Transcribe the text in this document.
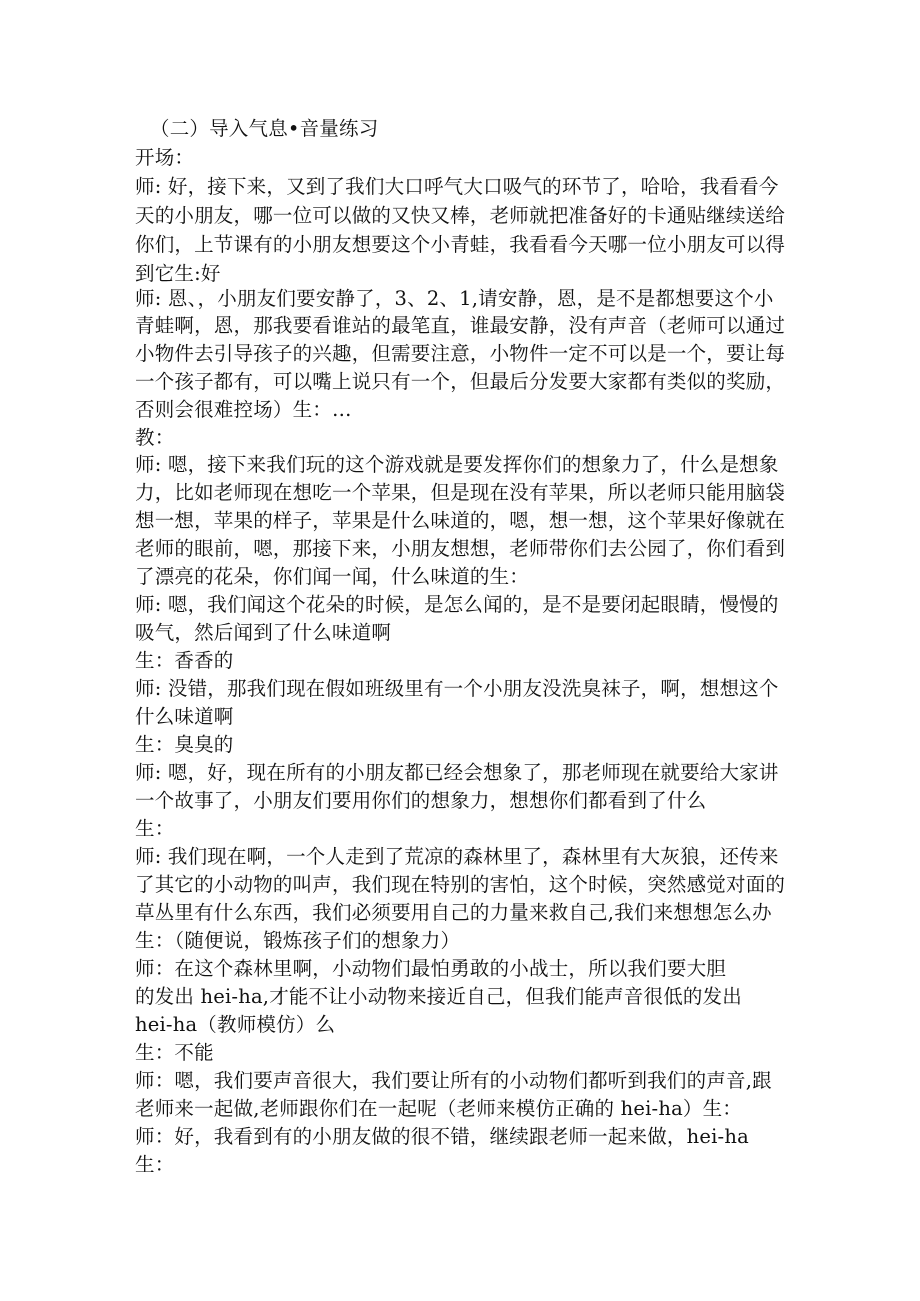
（二）导入气息•音量练习
开场：
师: 好，接下来，又到了我们大口呼气大口吸气的环节了，哈哈，我看看今
天的小朋友，哪一位可以做的又快又棒，老师就把准备好的卡通贴继续送给
你们，上节课有的小朋友想要这个小青蛙，我看看今天哪一位小朋友可以得
到它生:好
师: 恩、，小朋友们要安静了，3、2、1,请安静，恩，是不是都想要这个小
青蛙啊，恩，那我要看谁站的最笔直，谁最安静，没有声音（老师可以通过
小物件去引导孩子的兴趣，但需要注意，小物件一定不可以是一个，要让每
一个孩子都有，可以嘴上说只有一个，但最后分发要大家都有类似的奖励，
否则会很难控场）生：…
教：
师: 嗯，接下来我们玩的这个游戏就是要发挥你们的想象力了，什么是想象
力，比如老师现在想吃一个苹果，但是现在没有苹果，所以老师只能用脑袋
想一想，苹果的样子，苹果是什么味道的，嗯，想一想，这个苹果好像就在
老师的眼前，嗯，那接下来，小朋友想想，老师带你们去公园了，你们看到
了漂亮的花朵，你们闻一闻，什么味道的生：
师: 嗯，我们闻这个花朵的时候，是怎么闻的，是不是要闭起眼睛，慢慢的
吸气，然后闻到了什么味道啊
生：香香的
师: 没错，那我们现在假如班级里有一个小朋友没洗臭袜子，啊，想想这个
什么味道啊
生：臭臭的
师: 嗯，好，现在所有的小朋友都已经会想象了，那老师现在就要给大家讲
一个故事了，小朋友们要用你们的想象力，想想你们都看到了什么
生：
师: 我们现在啊，一个人走到了荒凉的森林里了，森林里有大灰狼，还传来
了其它的小动物的叫声，我们现在特别的害怕，这个时候，突然感觉对面的
草丛里有什么东西，我们必须要用自己的力量来救自己,我们来想想怎么办
生：（随便说，锻炼孩子们的想象力）
师：在这个森林里啊，小动物们最怕勇敢的小战士，所以我们要大胆
的发出 hei-ha,才能不让小动物来接近自己，但我们能声音很低的发出
hei-ha（教师模仿）么
生：不能
师：嗯，我们要声音很大，我们要让所有的小动物们都听到我们的声音,跟
老师来一起做,老师跟你们在一起呢（老师来模仿正确的 hei-ha）生：
师：好，我看到有的小朋友做的很不错，继续跟老师一起来做，hei-ha
生：
